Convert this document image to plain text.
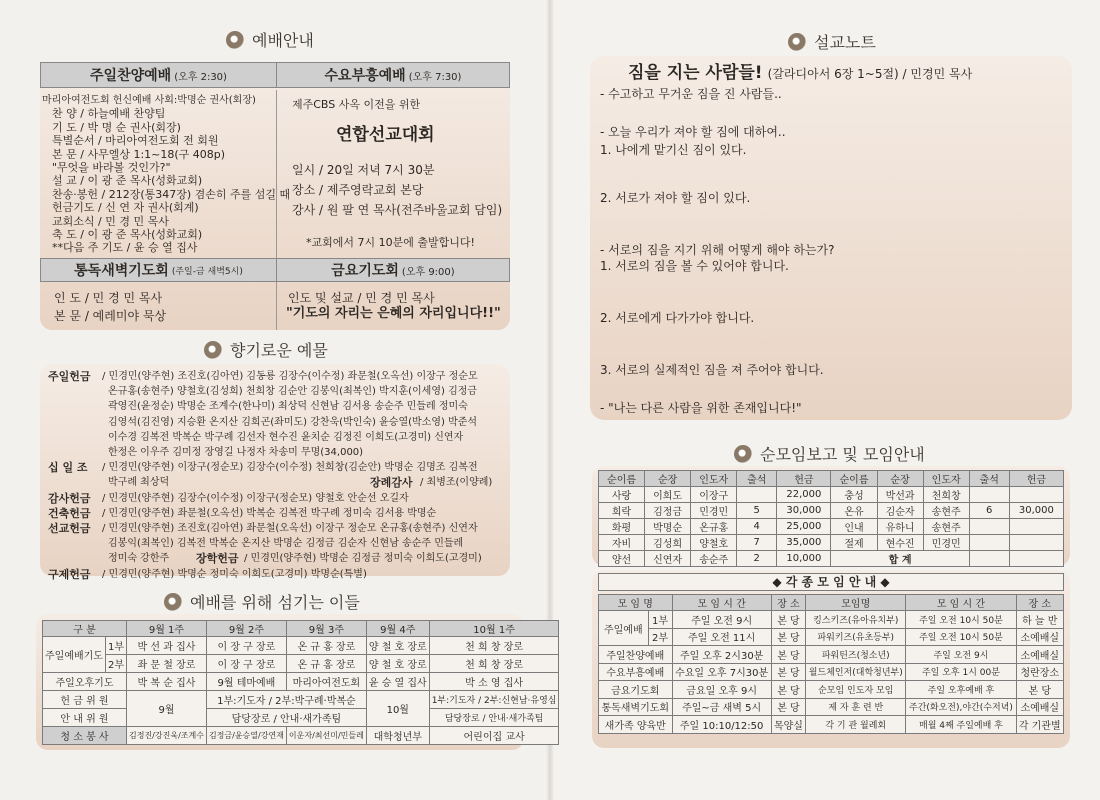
예배안내
주일찬양예배 (오후 2:30)	수요부흥예배 (오후 7:30)
마리아여전도회 헌신예배 사회:박명순 권사(회장)
찬 양 / 하늘예배 찬양팀
기 도 / 박 명 순 권사(회장)
특별순서 / 마리아여전도회 전 회원
본 문 / 사무엘상 1:1~18(구 408p)
"무엇을 바라볼 것인가?"
설 교 / 이 광 준 목사(성화교회)
찬송·봉헌 / 212장(통347장) 겸손히 주를 섬길 때
헌금기도 / 신 연 자 권사(회계)
교회소식 / 민 경 민 목사
축 도 / 이 광 준 목사(성화교회)
**다음 주 기도 / 윤 승 열 집사
제주CBS 사옥 이전을 위한
연합선교대회
일시 / 20일 저녁 7시 30분
장소 / 제주영락교회 본당
강사 / 원 팔 연 목사(전주바울교회 담임)
*교회에서 7시 10분에 출발합니다!
통독새벽기도회 (주일-금 새벽5시)	금요기도회 (오후 9:00)
인 도 / 민 경 민 목사
본 문 / 예레미야 묵상
인도 및 설교 / 민 경 민 목사
"기도의 자리는 은혜의 자리입니다!!"
향기로운 예물
주일헌금 / 민경민(양주현) 조진호(김아연) 김동룡 김장수(이수정) 좌문철(오옥선) 이장구 정순모
온규홍(송현주) 양철호(김성희) 천희창 김순안 김봉익(최복인) 박지훈(이세영) 김정금
곽영진(윤정순) 박명순 조계수(한나미) 최상덕 신현남 김서용 송순주 민들레 정미숙
김영석(김진영) 지승환 온지산 김희곤(좌미도) 강찬욱(박인숙) 윤승열(박소영) 박준석
이수경 김복전 박복순 박구례 김선자 현수진 윤치순 김정진 이희도(고경미) 신연자
한정은 이우주 김미정 장영길 나정자 차송미 무명(34,000)
십 일 조 / 민경민(양주현) 이장구(정순모) 김장수(이수정) 천희창(김순안) 박명순 김명조 김복전
박구례 최상덕	장례감사 / 최병조(이양례)
감사헌금 / 민경민(양주현) 김장수(이수정) 이장구(정순모) 양철호 안순선 오길자
건축헌금 / 민경민(양주현) 좌문철(오옥선) 박복순 김복전 박구례 정미숙 김서용 박명순
선교헌금 / 민경민(양주현) 조진호(김아연) 좌문철(오옥선) 이장구 정순모 온규홍(송현주) 신연자
김봉익(최복인) 김복전 박복순 온지산 박명순 김정금 김순자 신현남 송순주 민들레
정미숙 강한주 장학헌금 / 민경민(양주현) 박명순 김정금 정미숙 이희도(고경미)
구제헌금 / 민경민(양주현) 박명순 정미숙 이희도(고경미) 박명순(특별)
예배를 위해 섬기는 이들
구 분		9월 1주	9월 2주	9월 3주	9월 4주	10월 1주
주일예배기도	1부	박 선 과 집사	이 장 구 장로	온 규 홍 장로	양 철 호 장로	천 희 창 장로
	2부	좌 문 철 장로	이 장 구 장로	온 규 홍 장로	양 철 호 장로	천 희 창 장로
주일오후기도		박 복 순 집사	9월 테마예배	마리아여전도회	윤 승 열 집사	박 소 영 집사
헌 금 위 원		9월	1부:기도자 / 2부:박구례·박복순		10월	1부:기도자 / 2부:신현남·유영심
안 내 위 원			담당장로 / 안내·새가족팀			담당장로 / 안내·새가족팀
청 소 봉 사		김정진/강진욱/조계수	김정금/윤승열/강연재	이운자/최선미/민들레	대학청년부	어린이집 교사
설교노트
짐을 지는 사람들! (갈라디아서 6장 1~5절) / 민경민 목사
- 수고하고 무거운 짐을 진 사람들..
- 오늘 우리가 져야 할 짐에 대하여..
1. 나에게 맡기신 짐이 있다.
2. 서로가 져야 할 짐이 있다.
- 서로의 짐을 지기 위해 어떻게 해야 하는가?
1. 서로의 짐을 볼 수 있어야 합니다.
2. 서로에게 다가가야 합니다.
3. 서로의 실제적인 짐을 져 주어야 합니다.
- "나는 다른 사람을 위한 존재입니다!"
순모임보고 및 모임안내
순이름	순장	인도자	출석	헌금	순이름	순장	인도자	출석	헌금
사랑	이희도	이장구		22,000	충성	박선과	천희창		
희락	김정금	민경민	5	30,000	온유	김순자	송현주	6	30,000
화평	박명순	온규홍	4	25,000	인내	유하니	송현주		
자비	김성희	양철호	7	35,000	절제	현수진	민경민		
양선	신연자	송순주	2	10,000	합 계				
◆ 각 종 모 임 안 내 ◆
모 임 명		모 임 시 간	장 소	모임명	모 임 시 간	장 소
주일예배	1부	주일 오전 9시	본 당	킹스키즈(유아유치부)	주일 오전 10시 50분	하 늘 반
	2부	주일 오전 11시	본 당	파워키즈(유초등부)	주일 오전 10시 50분	소예배실
주일찬양예배		주일 오후 2시30분	본 당	파워틴즈(청소년)	주일 오전 9시	소예배실
수요부흥예배		수요일 오후 7시30분	본 당	월드체인저(대학청년부)	주일 오후 1시 00분	청란장소
금요기도회		금요일 오후 9시	본 당	순모임 인도자 모임	주일 오후예배 후	본 당
통독새벽기도회		주일~금 새벽 5시	본 당	제 자 훈 련 반	주간(화오전),야간(수저녁)	소예배실
새가족 양육반		주일 10:10/12:50	목양실	각 기 관 월례회	매월 4째 주일예배 후	각 기관별
